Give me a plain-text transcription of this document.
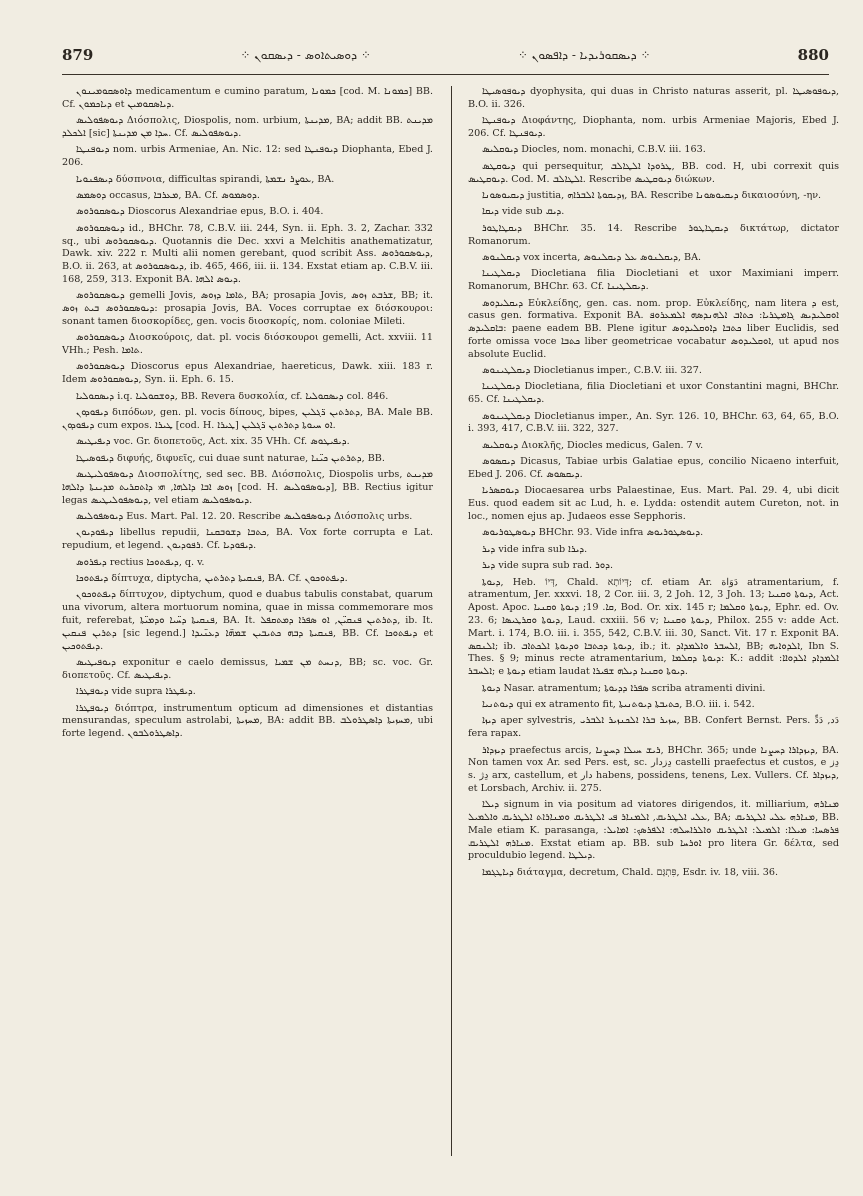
879	⁘ ܕܘܣܝܬܐܘܣ - ܕܝܣܩܘܢ ⁘	⁘ ܕܝܣܩܘܪܝܕܝܐ - ܕܐܦܣܘܢ ⁘	880

ܕܐܘܣܩܘܡܝܢܘܢ medicamentum e cumino paratum, ܟܡܘܢܐ [cod. M. ܟܡܘܢܐ] BB. Cf. ܕܝܐܟܡܘܢ et ܕܝܐܣܩܘܡܝܢ.

ܕܝܘܣܦܘܠܝܣ Διόσπολις, Diospolis, nom. urbium, ܡܕܝܢܬܐ, BA; addit BB. ܡܕܝܢܬ ܐܠܟܠܕ [sic] ܚܕܐ ܡܢ ܡܕܝܢܬܐ. Cf. ܕܝܘܣܦܘܠܝܣ.

ܕܝܘܦܢܛܐ nom. urbis Armeniae, An. Nic. 12: sed ܕܝܘܦܢܛܐ Diophanta, Ebed J. 206.

ܕܝܣܦܢܘܝܐ δύσπνοια, difficultas spirandi, ܥܘܨܪ ܢܫܡܬܐ, BA.

ܕܘܣܡܣ occasus, ܡܥܪܒܐ, BA. Cf. ܕܘܣܡܘܣ.

ܕܝܘܣܩܘܪܘܣ Dioscorus Alexandriae epus, B.O. i. 404.

ܕܝܘܣܩܘܪܘܣ id., BHChr. 78, C.B.V. iii. 244, Syn. ii. Eph. 3. 2, Zachar. 332 sq., ubi ܕܝܘܣܩܘܪܘܣ. Quotannis die Dec. xxvi a Melchitis anathematizatur, Dawk. xiv. 222 r. Multi alii nomen gerebant, quod scribit Ass. ܕܝܘܣܩܘܪܘܣ, B.O. ii. 263, at ܕܝܘܣܩܘܪܘܣ, ib. 465, 466, iii. ii. 134. Exstat etiam ap. C.B.V. iii. 168, 259, 313. Exponit BA. ܕܝܘܣ ܐܠܗܐ.

ܕܝܘܣܩܘܪܘܣ gemelli Jovis, ܬܐܡܐ ܕܙܘܣ, BA; prosapia Jovis, ܫܪܒܬ ܙܘܣ, BB; it. ܕܝܘܣܩܘܪܘܣ ܒܝܬ ܙܘܣ: prosapia Jovis, BA. Voces corruptae ex διόσκουροι: sonant tamen διοσκορίδες, gen. vocis διοσκορίς, nom. coloniae Mileti.

ܕܝܘܣܩܘܪܘܣ Διοσκούροις, dat. pl. vocis διόσκουροι gemelli, Act. xxviii. 11 VHh.; Pesh. ܬܐܡܐ.

ܕܝܘܣܩܘܪܘܣ Dioscorus epus Alexandriae, haereticus, Dawk. xiii. 183 r. Idem ܕܝܘܣܩܘܪܘܣ, Syn. ii. Eph. 6. 15.

ܕܝܣܩܘܠܝܐ i.q. ܕܘܫܩܘܠܝܐ, BB. Revera δυσκολία, cf. ܕܝܣܩܘܠܝܐ col. 846.

ܕܝܦܘܕܘܢ διπόδων, gen. pl. vocis δίπους, bipes, ܕܬܪܬܝܢ ܪ̈ܓܠܝܢ, BA. Male BB. ܕܝܦܘܕܘܢ cum expos. ܛܝܪܐ [cod. H. ܛܝܪܐ] ܐܘ ܚܝܘܬܐ ܕܬܪܬܝܢ ܪ̈ܓܠܝܢ.

ܕܝܦܝܛܝܣ voc. Gr. διοπετοῦς, Act. xix. 35 VHh. Cf. ܕܝܦܝܛܘܣ.

ܕܝܦܘܣܝܛܐ διφυής, διφυεῖς, cui duae sunt naturae, ܕܬܪܬܝܢ ܟܝ̈ܢܐ, BB.

ܕܝܘܣܦܘܠܝܛܝܣ Διοσπολίτης, sed sec. BB. Διόσπολις, Diospolis urbs, ܡܕܝܢܬ ܙܘܣ ܐܒܐ ܕܐܠܗܐ, ܗܝ ܕܐܬܩܪܝܬ ܡܕܝܢܬܐ ܕܐܠܗܐ [cod. H. ܕܝܘܣܦܘܠܝܣ], BB. Rectius igitur legas ܕܝܘܣܦܘܠܝܛܝܣ, vel etiam ܕܝܘܣܦܘܠܝܣ.

ܕܝܘܣܦܘܠܝܣ Eus. Mart. Pal. 12. 20. Rescribe ܕܝܘܣܦܘܠܝܣ Διόσπολις urbs.

ܕܝܦܘܕܝܘܢ libellus repudii, ܟܬܒܐ ܕܫܘܒܩܢܐ, BA. Vox forte corrupta e Lat. repudium, et legend. ܪܦܘܕܝܘܢ. Cf. ܕܝܦܘܕܝܐ.

ܕܝܦܪܘܣ rectius ܕܝܦܬܘܟܐ, q. v.

ܕܝܦܬܘܟܐ δίπτυχα, diptycha, ܦܢܩܝܬܐ ܕܬܪܬܝܢ, BA. Cf. ܕܝܦܬܘܟܘܢ.

ܕܝܦܬܘܟܘܢ δίπτυχον, diptychum, quod e duabus tabulis constabat, quarum una vivorum, altera mortuorum nomina, quae in missa commemorare mos fuit, referebat, ܦܢܩܝܬܐ ܕܚ̈ܝܐ ܘܕܡܝ̈ܬܐ, BA. It. ܕܬܪܬܝܢ ܦܢܩܝ̈ܢ, ܐܘ ܣܦܪܐ ܕܡܬܩܦܠ, ib. It. ܕܬܪܝܢ ܦܢܩܝܢ [sic legend.] ܦܢܩܝܬܐ ܕܒܗ ܟܬܝܒܝܢ ܫܡܗ̈ܐ ܕܥܢ̈ܝܕܐ, BB. Cf. ܕܝܦܬܘܟܐ et ܕܝܦܬܘܟܝܢ.

ܕܝܘܦܝܛܝܣ exponitur e caelo demissus, ܕܢܚܬ ܡܢ ܫܡܝܐ, BB; sc. voc. Gr. διοπετοῦς. Cf. ܕܝܦܝܛܝܣ.

ܕܝܘܦܛܪܐ vide supra ܕܝܦܛܪܐ.

ܕܝܘܦܛܪܐ διόπτρα, instrumentum opticum ad dimensiones et distantias mensurandas, speculum astrolabi, ܡܚܙܝܬܐ, BA: addit BB. ܡܚܙܝܬܐ ܕܐܣܛܪܘܠܒ, ubi forte legend. ܕܐܣܛܪܘܠܒܘܢ.

ܕܝܘܦܘܣܝܛܐ dyophysita, qui duas in Christo naturas asserit, pl. ܕܝܘܦܘܣܝܛܐ, B.O. ii. 326.

ܕܝܘܦܢܛܐ Διοφάντης, Diophanta, nom. urbis Armeniae Majoris, Ebed J. 206. Cf. ܕܝܘܦܢܛܐ.

ܕܝܘܩܠܝܣ Diocles, nom. monachi, C.B.V. iii. 163.

ܕܝܘܩܛܣ qui persequitur, ܛܪܘܕܐ ܐܠܛܐܠܒ, BB. cod. H, ubi correxit quis ܕܝܘܩܛܝܣ. Cod. M. ܐܠܛܐܠܒ. Rescribe ܕܝܘܩܛܝܣ διώκων.

ܕܝܩܝܘܣܘܢܐ justitia, ܙܕܝܩܘܬܐ ܐܠܒܪܐܗ, BA. Rescribe ܕܝܩܝܘܣܘܢܐ δικαιοσύνη, -ην.

ܕܝܩܐ vide sub ܕܝܩ.

ܕܝܩܛܐܛܘܪ BHChr. 35. 14. Rescribe ܕܝܩܛܐܛܘܪ δικτάτωρ, dictator Romanorum.

ܕܝܩܠܢܘܣ vox incerta, ܕܝܩܠܢܘܣ ܥܠ ܕܝܩܠܢܘܣ, BA.

ܕܝܩܠܛܝܢܐ Diocletiana filia Diocletiani et uxor Maximiani imperr. Romanorum, BHChr. 63. Cf. ܕܝܩܠܛܝܢܐ.

ܕܝܩܠܝܕܘܣ Εὐκλείδης, gen. cas. nom. prop. Εὐκλείδης, nam litera ܕ est, casus gen. formativa. Exponit BA. ܐܘܩܠܝܕܝܣ ܓܐܡܛܪܝܐ: ܟܬܐܒ ܐܠܗܢܕܣܗ ܐܠܡܥܪܘܦ ܒܐܩܠܝܕܣ: paene eadem BB. Plene igitur ܟܬܒܐ ܕܐܘܩܠܝܕܘܣ liber Euclidis, sed forte omissa voce ܟܬܒܐ liber geometricae vocabatur ܐܘܩܠܝܕܘܣ, ut apud nos absolute Euclid.

ܕܝܩܠܛܝܢܘܣ Diocletianus imper., C.B.V. iii. 327.

ܕܝܩܠܛܝܢܐ Diocletiana, filia Diocletiani et uxor Constantini magni, BHChr. 65. Cf. ܕܝܩܠܛܝܢܐ.

ܕܝܩܠܛܝܢܘܣ Diocletianus imper., An. Syr. 126. 10, BHChr. 63, 64, 65, B.O. i. 393, 417, C.B.V. iii. 322, 327.

ܕܝܘܩܠܝܣ Διοκλῆς, Diocles medicus, Galen. 7 v.

ܕܝܩܣܘܣ Dicasus, Tabiae urbis Galatiae epus, concilio Nicaeno interfuit, Ebed J. 206. Cf. ܕܝܩܣܘܣ.

ܕܝܘܩܣܪܝܐ Diocaesarea urbs Palaestinae, Eus. Mart. Pal. 29. 4, ubi dicit Eus. quod eadem sit ac Lud, h. e. Lydda: ostendit autem Cureton, not. in loc., nomen ejus ap. Judaeos esse Sepphoris.

ܕܝܘܣܛܘܪܝܘܣ BHChr. 93. Vide infra ܕܝܘܣܛܘܪܝܘܣ.

ܕܝܪ vide infra sub ܕܝܪܐ.

ܕܝܪ vide supra sub rad. ܕܘܪ.

ܕܝܘܬܐ, Heb. דְּיוֹ, Chald. דְּיוֹתָא; cf. etiam Ar. دَوَاة atramentarium, f. atramentum, Jer. xxxvi. 18, 2 Cor. iii. 3, 2 Joh. 12, 3 Joh. 13; ܕܝܘܬܐ ܘܩܢܝܐ, Act. Apost. Apoc. ܩܐ. 19; ܕܝܘܬܐ ܘܩܢܝܐ, Bod. Or. xix. 145 r; ܕܝܘܬܐ ܘܩܠܡܐ, Ephr. ed. Ov. 23. 6; ܕܝܘܬܐ ܘܩܪܛܝܣܐ, Laud. cxxiii. 56 v; ܕܝܘܬܐ ܘܩܢܝܐ, Philox. 255 v: adde Act. Mart. i. 174, B.O. iii. i. 355, 542, C.B.V. iii. 30, Sanct. Vit. 17 r. Exponit BA. ܐܠܢܩܣ; ib. ܕܝܘܬܐ ܕܟܬܒܐ ܘܕܝܘܬܐ ܐܠܟܬܐܒ, ib.; it. ܐܠܚܒܪ ܘܐܠܡܕܐܕ, BB; ܐܠܕܘܐܝܗ, Ibn S. Thes. § 9; minus recte atramentarium, ܕܝܘܬܐ ܕܩܠܡܐ: K.: addit ܐܠܡܕܐܕ ܐܠܕܘܐܐ: ܐܠܚܒܪ; e ܕܝܘܬܐ etiam laudat ܕܝܘܬܐ ܘܩܢܝܐ ܕܝܠܗ ܫܦܝܪܐ.

ܕܝܘܬܐ Nasar. atramentum; ܣܦܪܐ ܕܕܝܘܬܐ scriba atramenti divini.

ܕܝܘܬܢܝܐ qui ex atramento fit, ܟܬܝܒܬܐ ܕܝܘܬܢܝܬܐ, B.O. iii. i. 542.

ܕܝܙܐ aper sylvestris, ܚܙܝܪ ܒܪܐ ܐܠܟܢܙܝܪ ܐܠܒܪܝ, BB. Confert Bernst. Pers. دَد, دَدِّ fera rapax.

ܕܝܙܕܐܪ praefectus arcis, ܪܝܫ ܚܝܠܐ ܕܚܨܢܐ, BHChr. 365; unde ܕܝܙܕܐܪܐ ܕܚܨܢܐ, BA. Non tamen vox Ar. sed Pers. est, sc. دِزدار castelli praefectus et custos, e دِز s. دِژ arx, castellum, et دار habens, possidens, tenens, Lex. Vullers. Cf. ܕܝܙܕܐܪ, et Lorsbach, Archiv. ii. 275.

ܕܝܠܐ signum in via positum ad viatores dirigendos, it. milliarium, ܡܢܐܪܗ ܥܠܝ ܐܠܛܪܝܩ, ܐܠܡܢܐܪ ܦܝ ܐܠܛܪܝܩ ܘܡܢܐܪܐܬ ܐܠܛܪܝܩ ܘܐܠܡܝܠ, BA; ܡܢܐܪܗ ܥܠܝ ܐܠܛܪܝܩ, BB. Male etiam K. parasanga, ܦܪܣܚܐ: ܡܝܠܐ: ܐܠܡܝܠ: ܐܠܛܪܝܩ ܘܐܠܪܐܚܠܗ: ܐܠܦܪܣܟ: ܐܡܐܝܠ: ܡܢܐܪܗ ܐܠܛܪܝܩ. Exstat etiam ap. BB. sub ܐܘܪܚܐ pro litera Gr. δέλτα, sed proculdubio legend. ܕܝܠܛܐ.

ܕܝܐܛܓܡܐ διάταγμα, decretum, Chald. פִּתְגָּם, Esdr. iv. 18, viii. 36.
